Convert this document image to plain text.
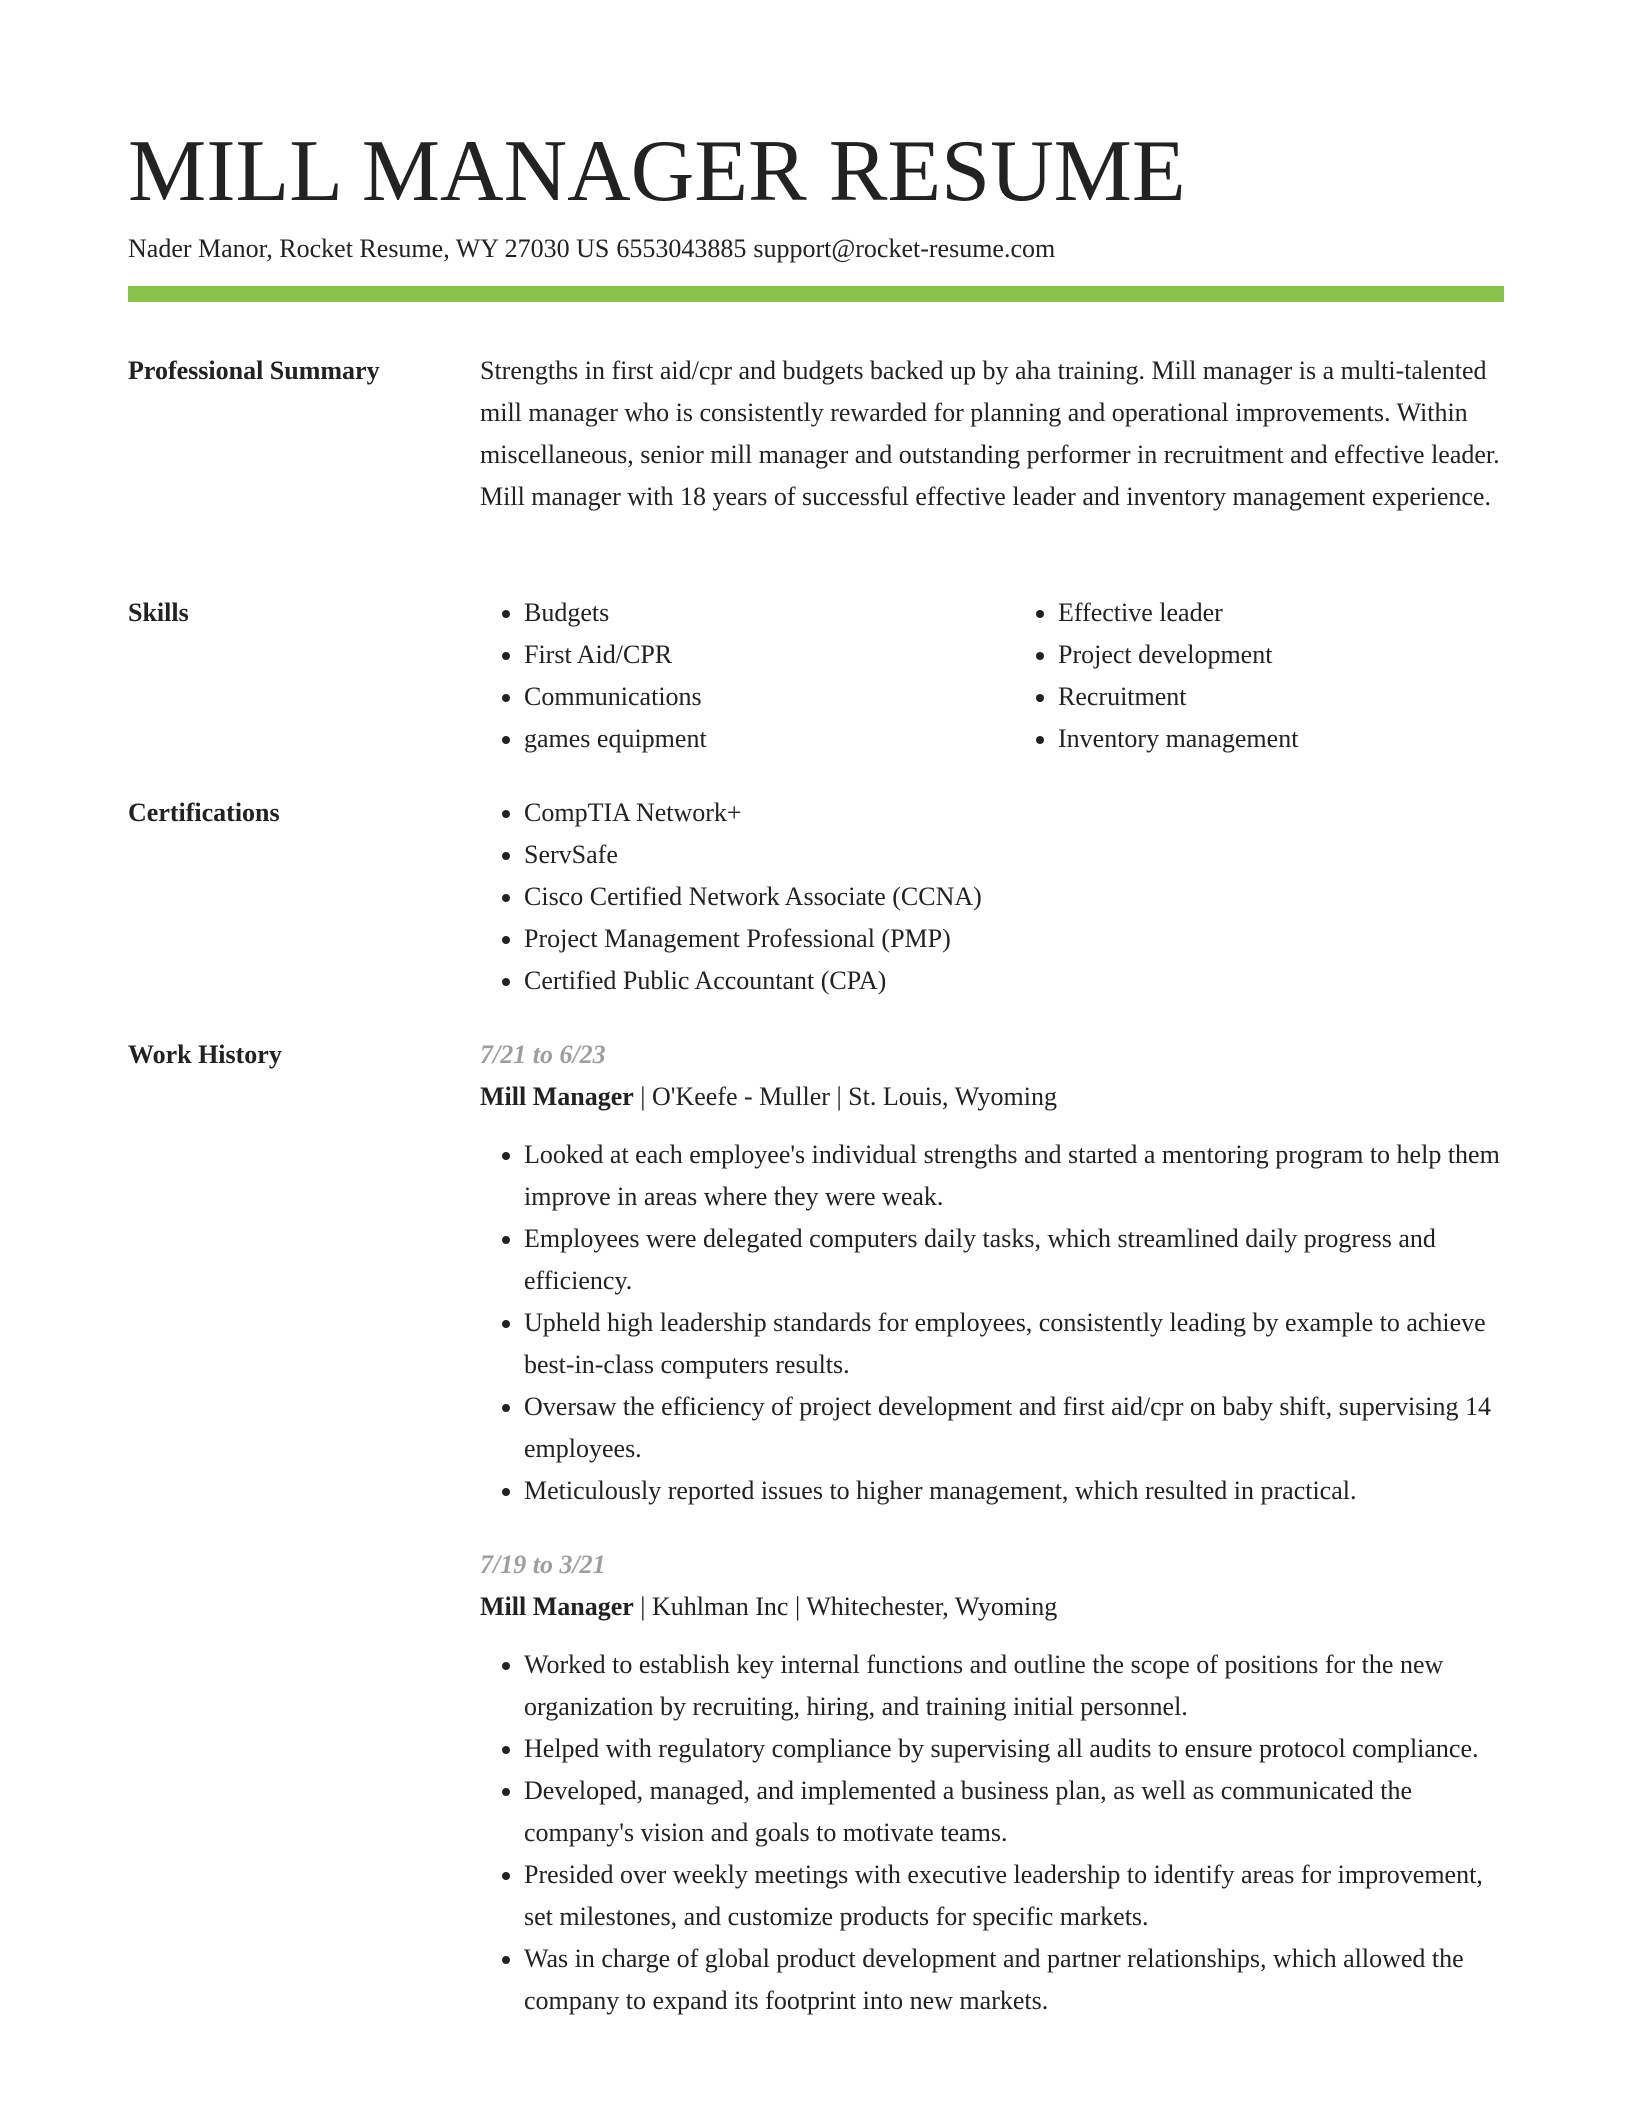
MILL MANAGER RESUME
Nader Manor, Rocket Resume, WY 27030 US 6553043885 support@rocket-resume.com
Professional Summary	Strengths in first aid/cpr and budgets backed up by aha training. Mill manager is a multi-talented mill manager who is consistently rewarded for planning and operational improvements. Within miscellaneous, senior mill manager and outstanding performer in recruitment and effective leader. Mill manager with 18 years of successful effective leader and inventory management experience.

Skills	• Budgets
• First Aid/CPR
• Communications
• games equipment
• Effective leader
• Project development
• Recruitment
• Inventory management
Certifications	• CompTIA Network+
• ServSafe
• Cisco Certified Network Associate (CCNA)
• Project Management Professional (PMP)
• Certified Public Accountant (CPA)
Work History	7/21 to 6/23
Mill Manager | O'Keefe - Muller | St. Louis, Wyoming
• Looked at each employee's individual strengths and started a mentoring program to help them improve in areas where they were weak.
• Employees were delegated computers daily tasks, which streamlined daily progress and efficiency.
• Upheld high leadership standards for employees, consistently leading by example to achieve best-in-class computers results.
• Oversaw the efficiency of project development and first aid/cpr on baby shift, supervising 14 employees.
• Meticulously reported issues to higher management, which resulted in practical.
7/19 to 3/21
Mill Manager | Kuhlman Inc | Whitechester, Wyoming
• Worked to establish key internal functions and outline the scope of positions for the new organization by recruiting, hiring, and training initial personnel.
• Helped with regulatory compliance by supervising all audits to ensure protocol compliance.
• Developed, managed, and implemented a business plan, as well as communicated the company's vision and goals to motivate teams.
• Presided over weekly meetings with executive leadership to identify areas for improvement, set milestones, and customize products for specific markets.
• Was in charge of global product development and partner relationships, which allowed the company to expand its footprint into new markets.
